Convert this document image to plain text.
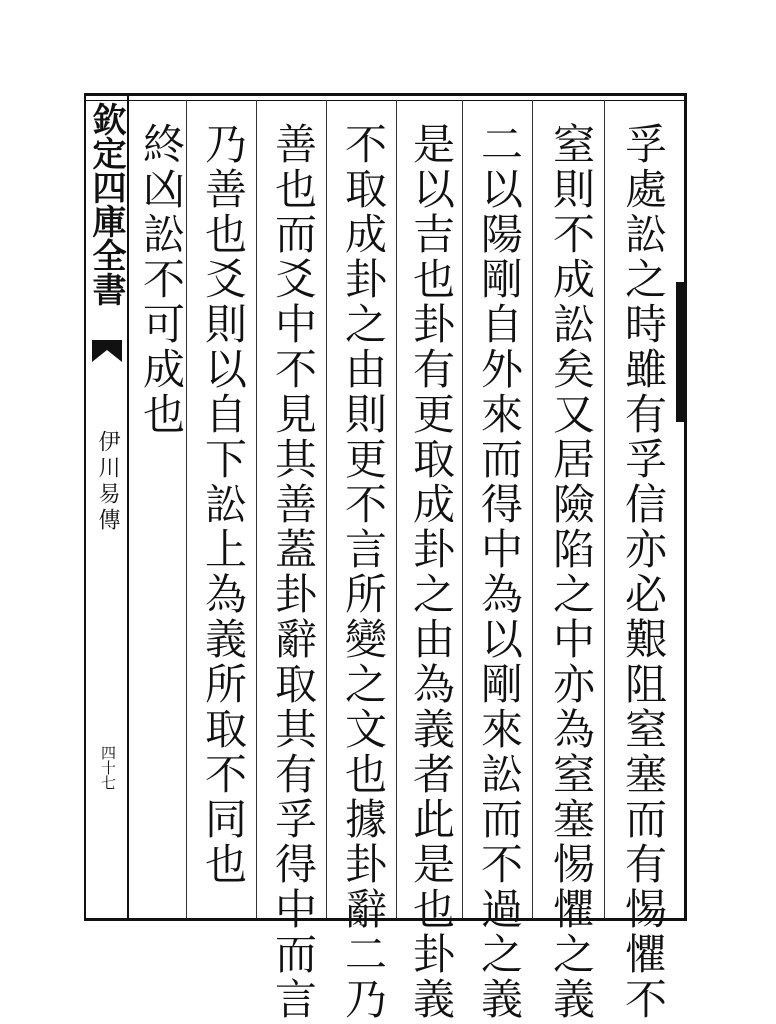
孚處訟之時雖有孚信亦必艱阻窒塞而有惕懼不
窒則不成訟矣又居險陷之中亦為窒塞惕懼之義
二以陽剛自外來而得中為以剛來訟而不過之義
是以吉也卦有更取成卦之由為義者此是也卦義
不取成卦之由則更不言所變之文也據卦辭二乃
善也而爻中不見其善蓋卦辭取其有孚得中而言
乃善也爻則以自下訟上為義所取不同也
終凶訟不可成也
欽定四庫全書
伊川易傳
四十七
